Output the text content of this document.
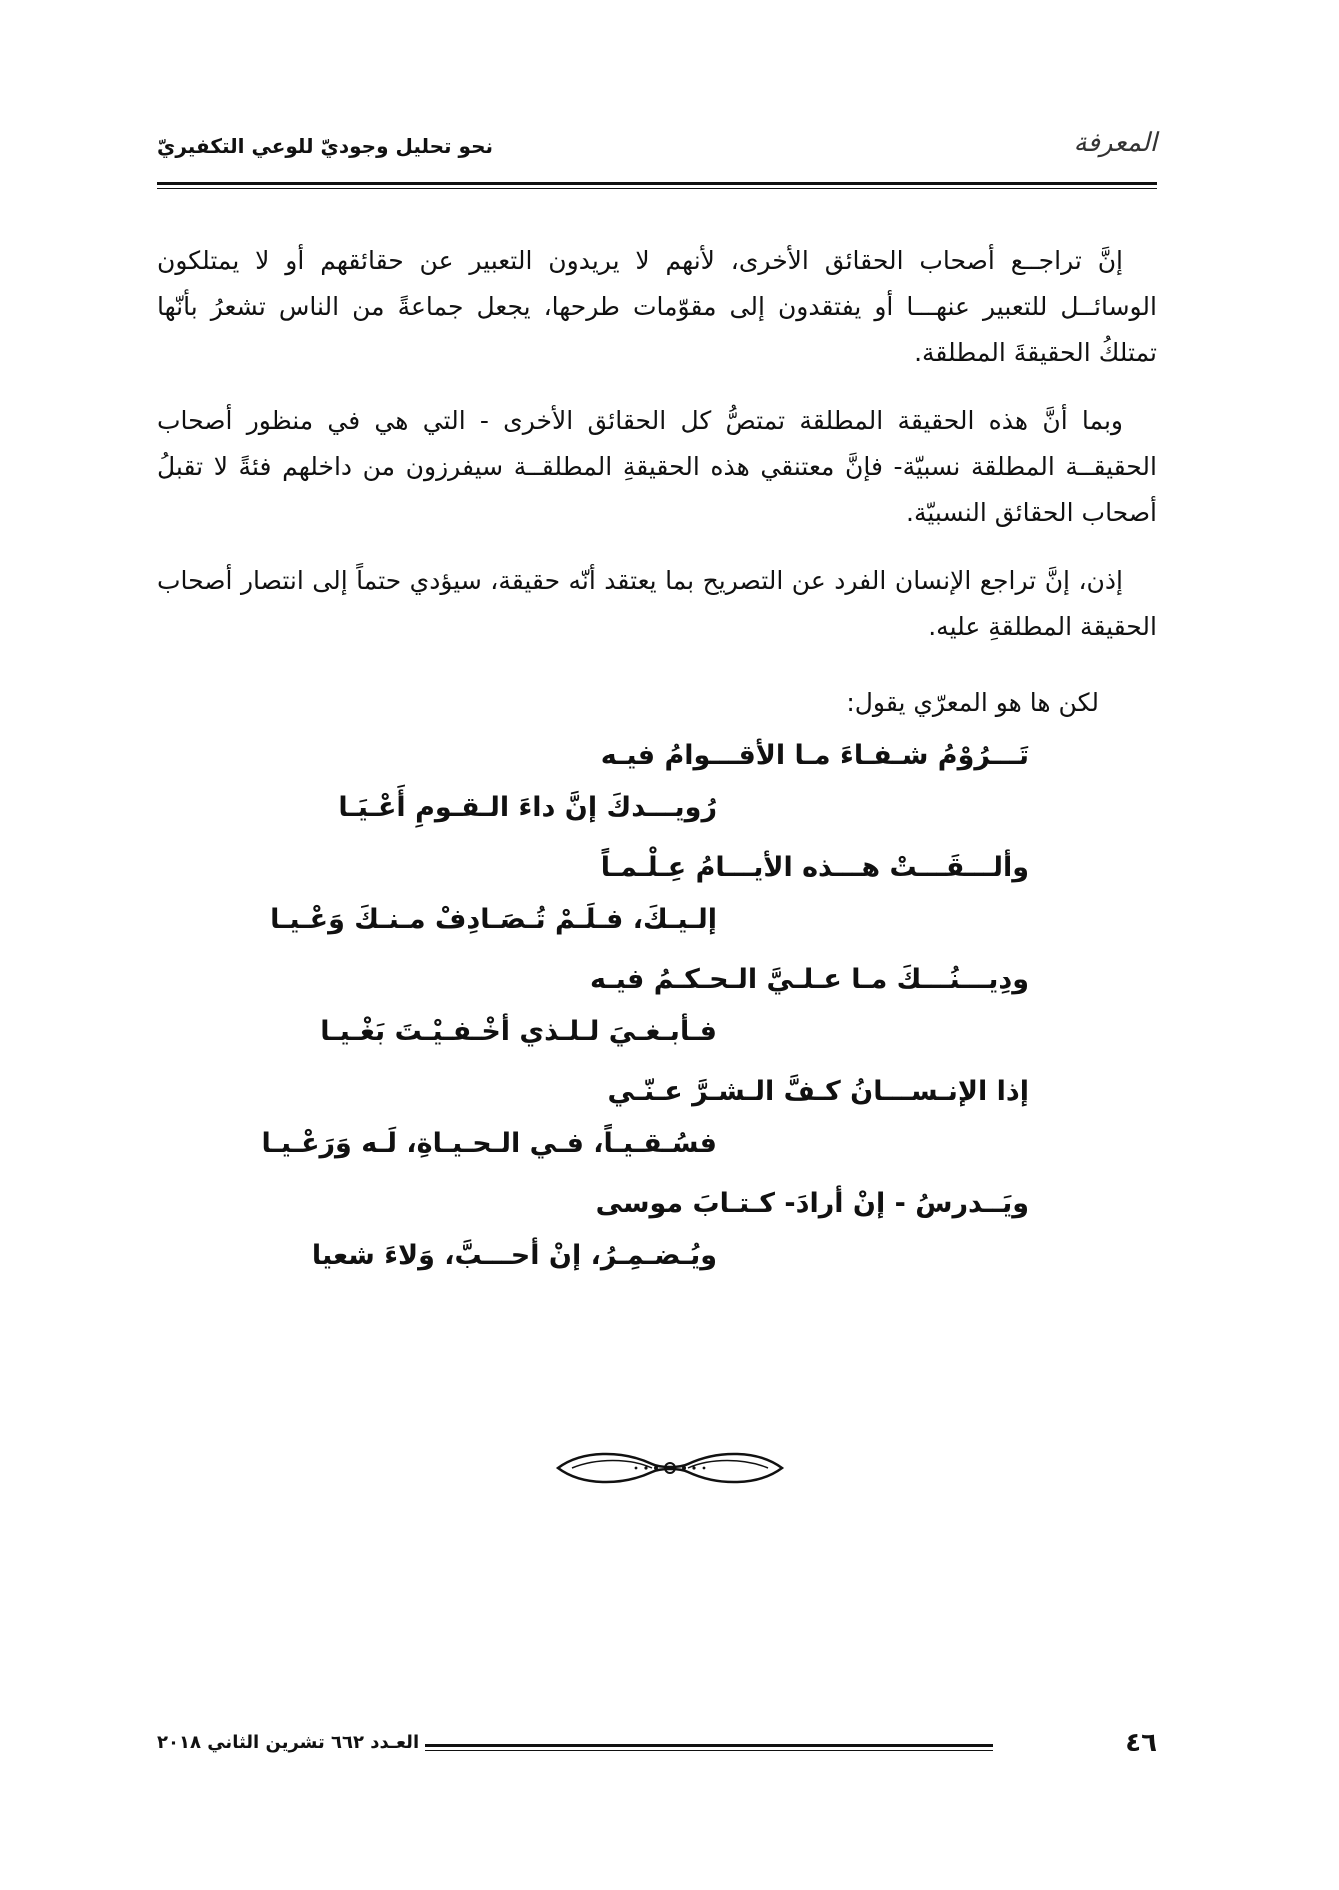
المعرفة
نحو تحليل وجوديّ للوعي التكفيريّ

إنَّ تراجــع أصحاب الحقائق الأخرى، لأنهم لا يريدون التعبير عن حقائقهم أو لا يمتلكون الوسائــل للتعبير عنهـــا أو يفتقدون إلى مقوّمات طرحها، يجعل جماعةً من الناس تشعرُ بأنّها تمتلكُ الحقيقةَ المطلقة.

وبما أنَّ هذه الحقيقة المطلقة تمتصُّ كل الحقائق الأخرى - التي هي في منظور أصحاب الحقيقــة المطلقة نسبيّة- فإنَّ معتنقي هذه الحقيقةِ المطلقــة سيفرزون من داخلهم فئةً لا تقبلُ أصحاب الحقائق النسبيّة.

إذن، إنَّ تراجع الإنسان الفرد عن التصريح بما يعتقد أنّه حقيقة، سيؤدي حتماً إلى انتصار أصحاب الحقيقة المطلقةِ عليه.

لكن ها هو المعرّي يقول:
تَـــرُوْمُ شـفـاءَ مـا الأقـــوامُ فيـه
رُويـــدكَ إنَّ داءَ الـقـومِ أَعْـيَـا
وألـــقَـــتْ هـــذه الأيـــامُ عِـلْـمـاً
إلـيـكَ، فـلَـمْ تُـصَـادِفْ مـنـكَ وَعْـيـا
ودِيـــنُـــكَ مـا عـلـيَّ الـحـكـمُ فيـه
فـأبـغـيَ لـلـذي أخْـفـيْـتَ بَغْـيـا
إذا الإنـســـانُ كـفَّ الـشـرَّ عـنّـي
فسُـقـيـاً، فـي الـحـيـاةِ، لَـه وَرَعْـيـا
ويَــدرسُ - إنْ أرادَ- كـتـابَ موسى
ويُـضـمِـرُ، إنْ أحـــبَّ، وَلاءَ شعيا
٤٦
العـدد ٦٦٢ تشرين الثاني ٢٠١٨
